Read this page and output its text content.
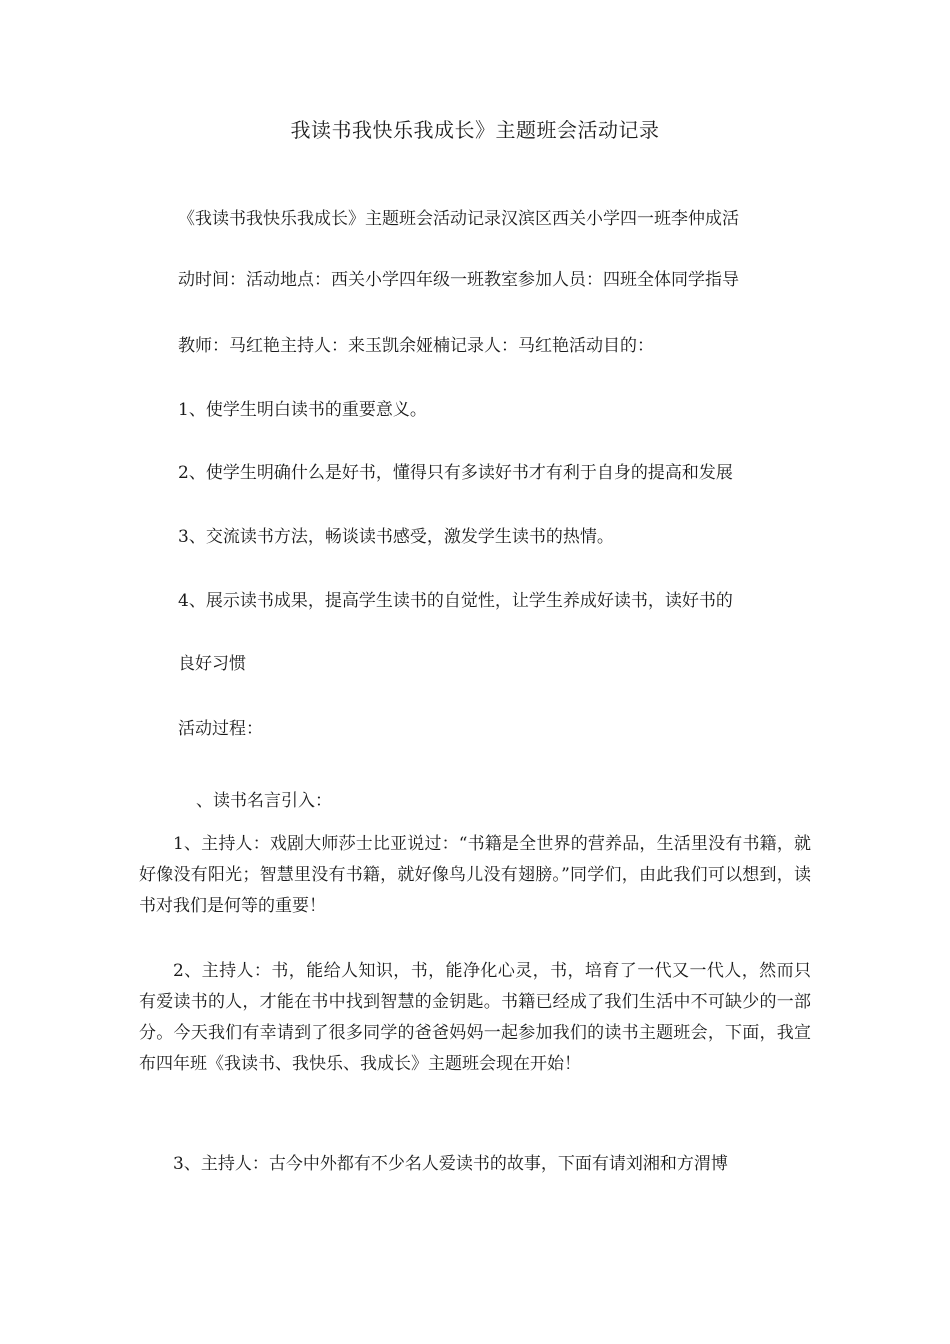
我读书我快乐我成长》主题班会活动记录
《我读书我快乐我成长》主题班会活动记录汉滨区西关小学四一班李仲成活
动时间：活动地点：西关小学四年级一班教室参加人员：四班全体同学指导
教师：马红艳主持人：来玉凯余娅楠记录人：马红艳活动目的：
1、使学生明白读书的重要意义。
2、使学生明确什么是好书，懂得只有多读好书才有利于自身的提高和发展
3、交流读书方法，畅谈读书感受，激发学生读书的热情。
4、展示读书成果，提高学生读书的自觉性，让学生养成好读书，读好书的
良好习惯
活动过程：
、读书名言引入：

1、主持人：戏剧大师莎士比亚说过：“书籍是全世界的营养品，生活里没有书籍，就好像没有阳光；智慧里没有书籍，就好像鸟儿没有翅膀。”同学们，由此我们可以想到，读书对我们是何等的重要！

2、主持人：书，能给人知识，书，能净化心灵，书，培育了一代又一代人，然而只有爱读书的人，才能在书中找到智慧的金钥匙。书籍已经成了我们生活中不可缺少的一部分。今天我们有幸请到了很多同学的爸爸妈妈一起参加我们的读书主题班会，下面，我宣布四年班《我读书、我快乐、我成长》主题班会现在开始！

3、主持人：古今中外都有不少名人爱读书的故事，下面有请刘湘和方渭博
